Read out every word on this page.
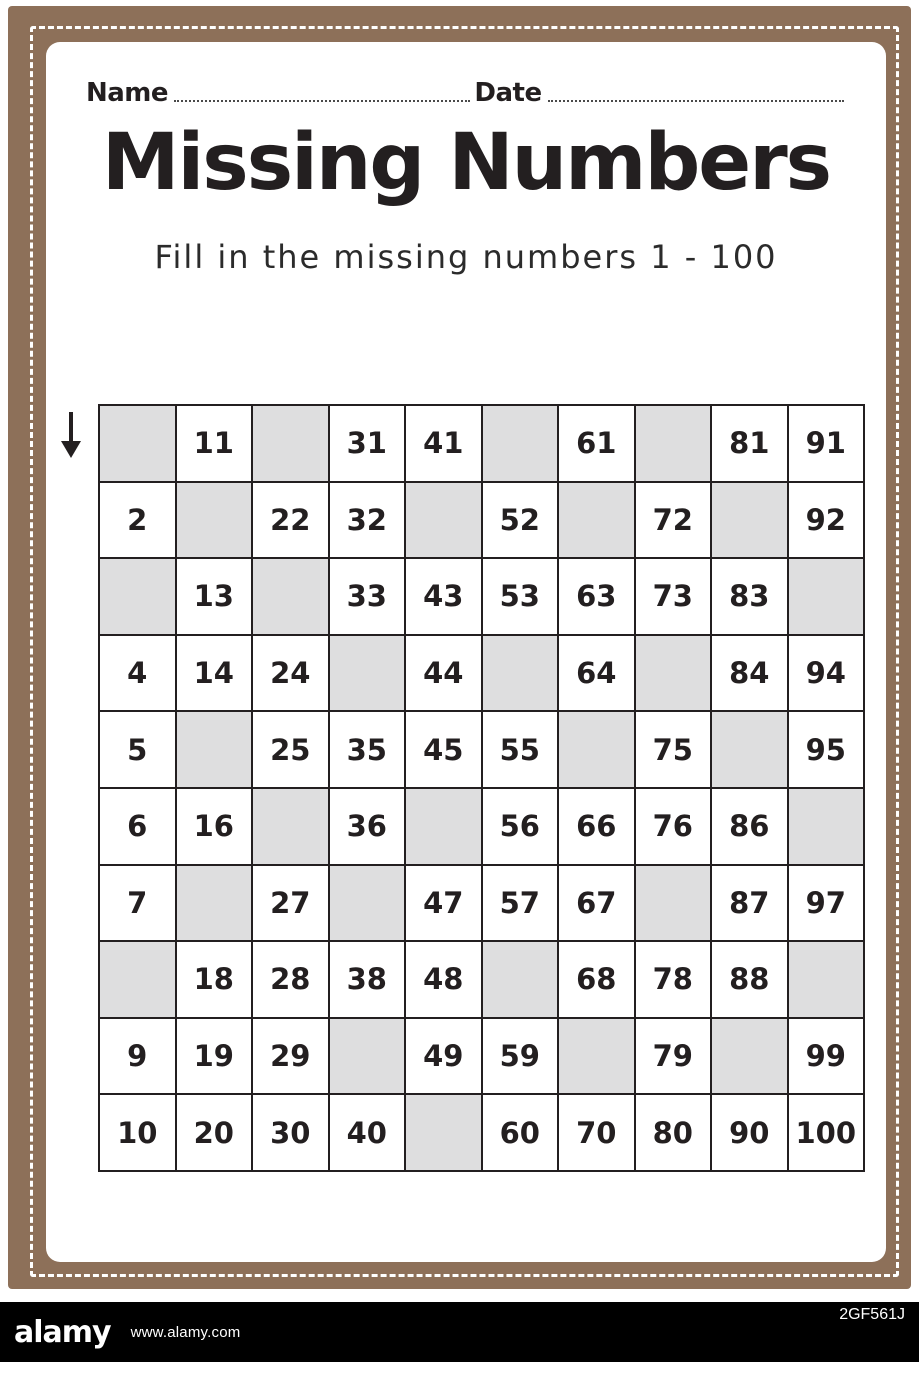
Name	Date
Missing Numbers
Fill in the missing numbers 1 - 100
	11		31	41		61		81	91
2		22	32		52		72		92
	13		33	43	53	63	73	83	
4	14	24		44		64		84	94
5		25	35	45	55		75		95
6	16		36		56	66	76	86	
7		27		47	57	67		87	97
	18	28	38	48		68	78	88	
9	19	29		49	59		79		99
10	20	30	40		60	70	80	90	100
alamy www.alamy.com
2GF561J
